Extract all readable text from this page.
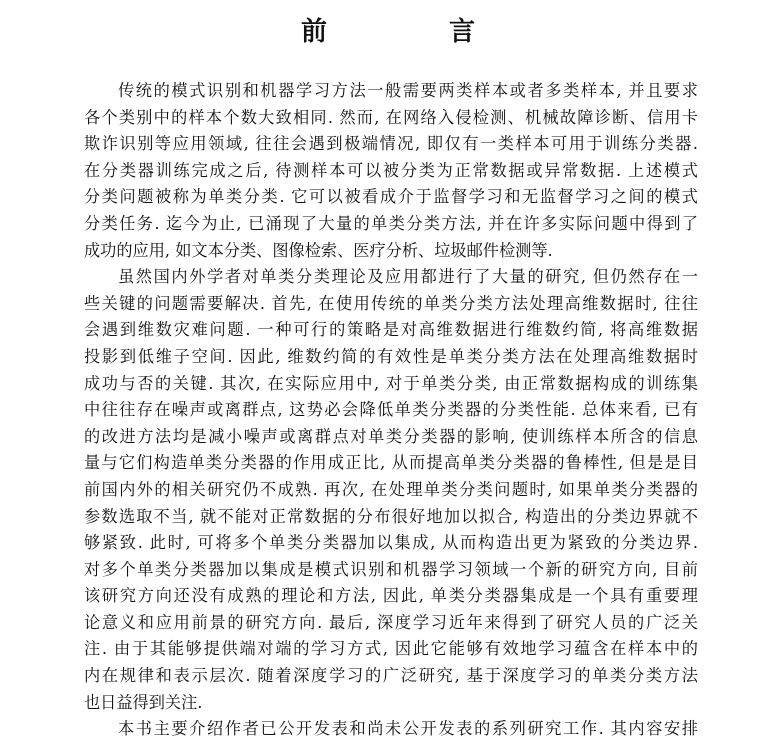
前　言
传统的模式识别和机器学习方法一般需要两类样本或者多类样本, 并且要求
各个类别中的样本个数大致相同. 然而, 在网络入侵检测、机械故障诊断、信用卡
欺诈识别等应用领域, 往往会遇到极端情况, 即仅有一类样本可用于训练分类器.
在分类器训练完成之后, 待测样本可以被分类为正常数据或异常数据. 上述模式
分类问题被称为单类分类. 它可以被看成介于监督学习和无监督学习之间的模式
分类任务. 迄今为止, 已涌现了大量的单类分类方法, 并在许多实际问题中得到了
成功的应用, 如文本分类、图像检索、医疗分析、垃圾邮件检测等.
虽然国内外学者对单类分类理论及应用都进行了大量的研究, 但仍然存在一
些关键的问题需要解决. 首先, 在使用传统的单类分类方法处理高维数据时, 往往
会遇到维数灾难问题. 一种可行的策略是对高维数据进行维数约简, 将高维数据
投影到低维子空间. 因此, 维数约简的有效性是单类分类方法在处理高维数据时
成功与否的关键. 其次, 在实际应用中, 对于单类分类, 由正常数据构成的训练集
中往往存在噪声或离群点, 这势必会降低单类分类器的分类性能. 总体来看, 已有
的改进方法均是减小噪声或离群点对单类分类器的影响, 使训练样本所含的信息
量与它们构造单类分类器的作用成正比, 从而提高单类分类器的鲁棒性, 但是是目
前国内外的相关研究仍不成熟. 再次, 在处理单类分类问题时, 如果单类分类器的
参数选取不当, 就不能对正常数据的分布很好地加以拟合, 构造出的分类边界就不
够紧致. 此时, 可将多个单类分类器加以集成, 从而构造出更为紧致的分类边界.
对多个单类分类器加以集成是模式识别和机器学习领域一个新的研究方向, 目前
该研究方向还没有成熟的理论和方法, 因此, 单类分类器集成是一个具有重要理
论意义和应用前景的研究方向. 最后, 深度学习近年来得到了研究人员的广泛关
注. 由于其能够提供端对端的学习方式, 因此它能够有效地学习蕴含在样本中的
内在规律和表示层次. 随着深度学习的广泛研究, 基于深度学习的单类分类方法
也日益得到关注.
本书主要介绍作者已公开发表和尚未公开发表的系列研究工作. 其内容安排
